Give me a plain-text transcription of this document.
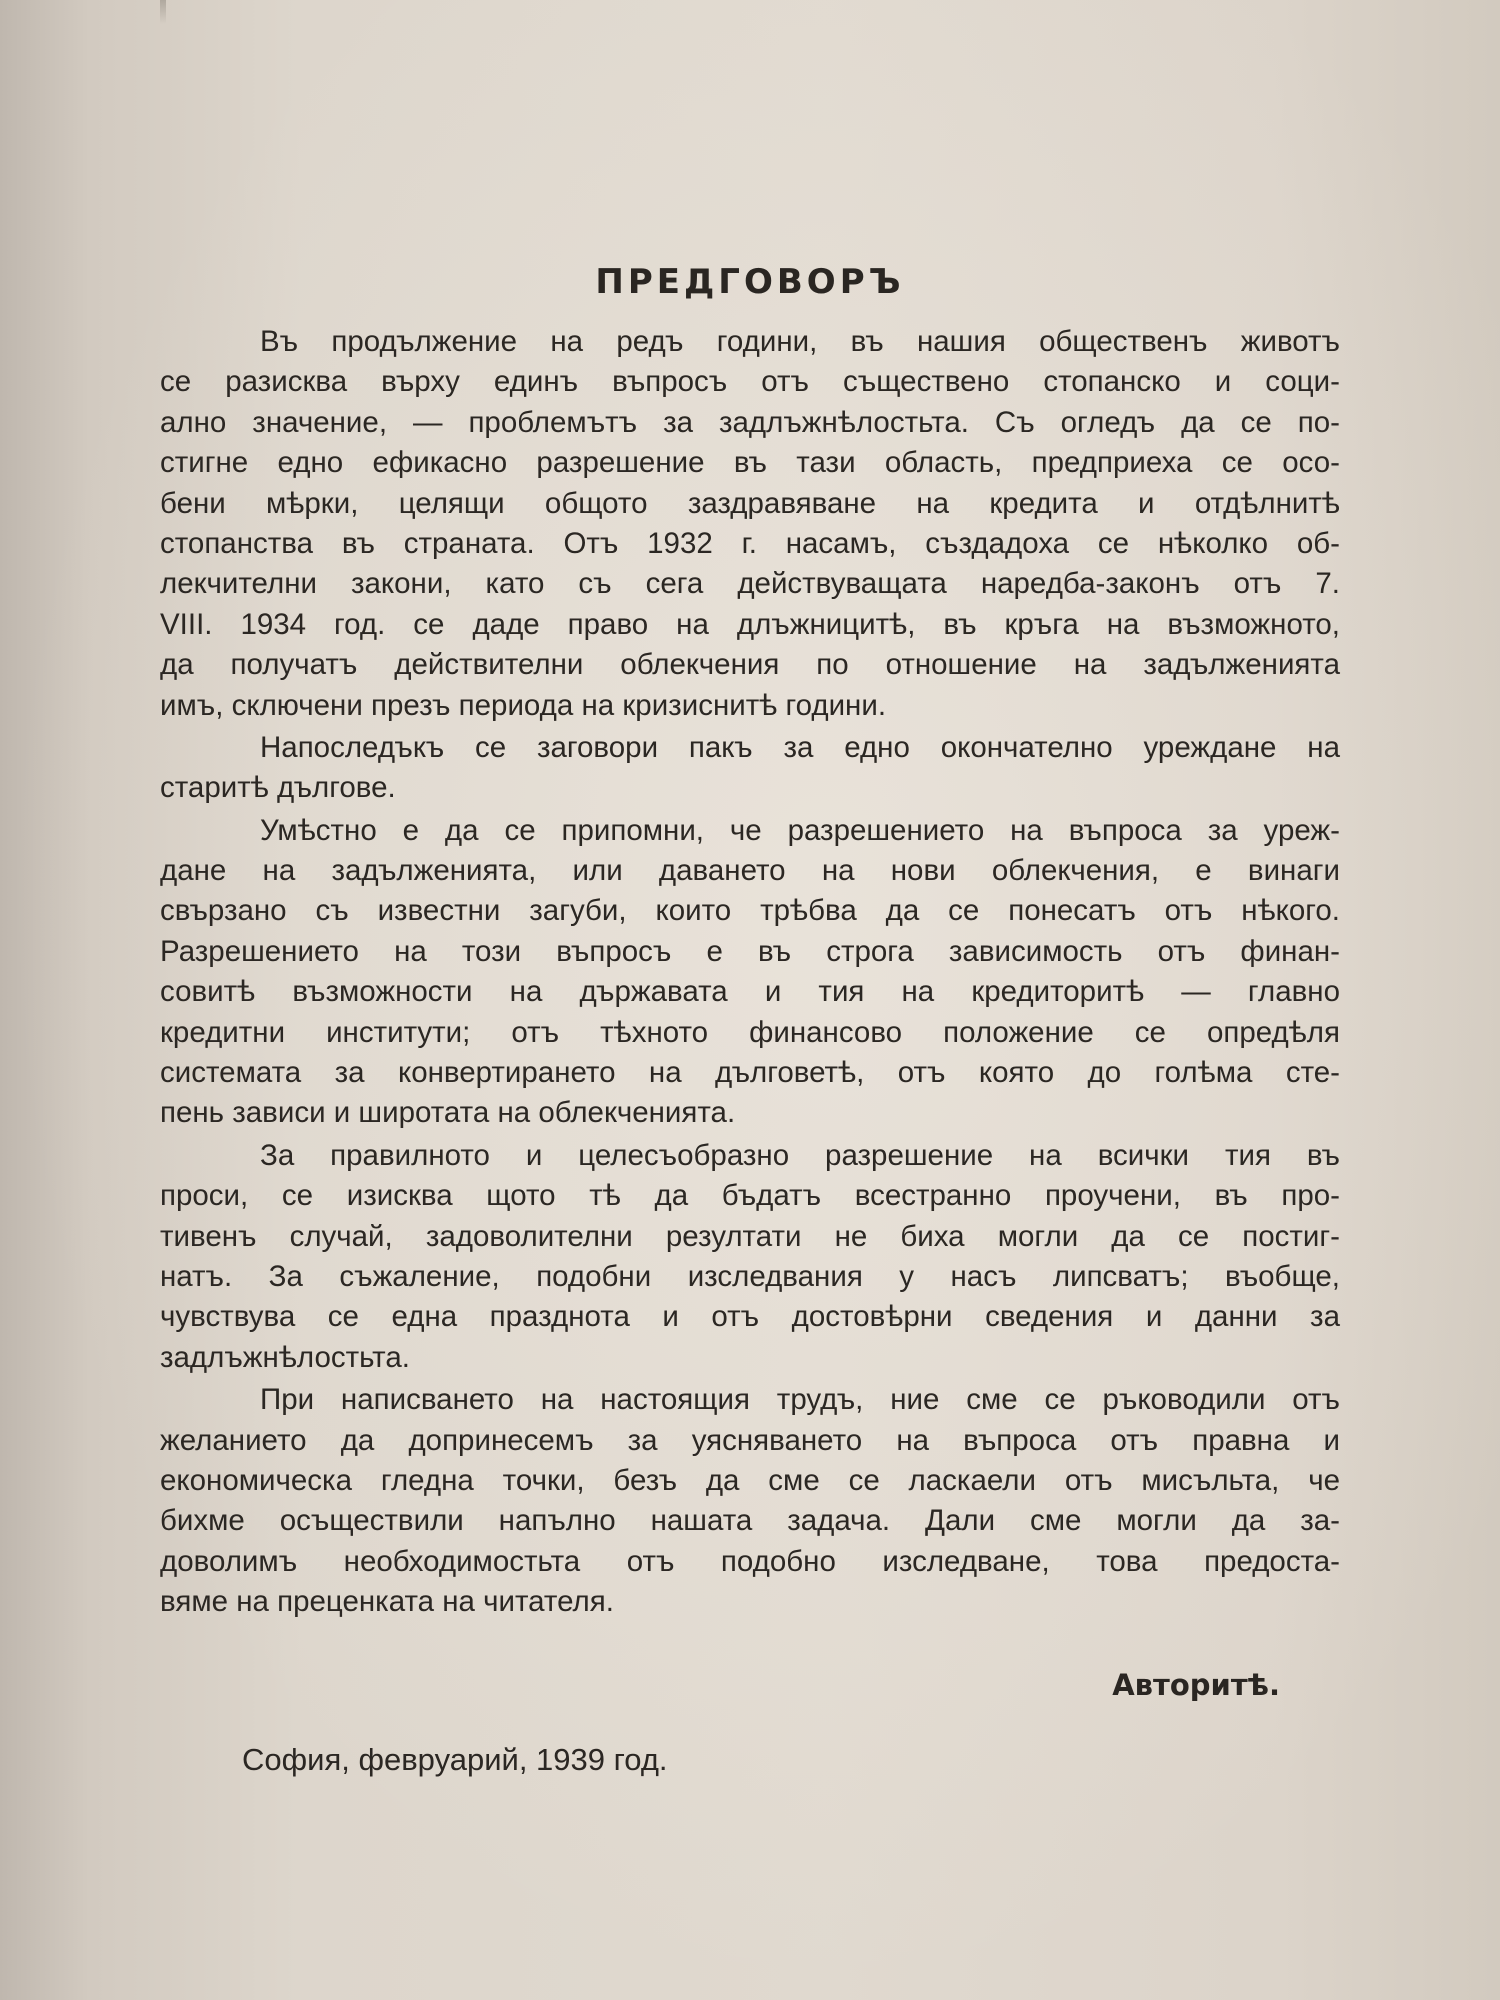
ПРЕДГОВОРЪ
Въ продължение на редъ години, въ нашия общественъ животъ
се разисква върху единъ въпросъ отъ съществено стопанско и соци-
ално значение, — проблемътъ за задлъжнѣлостьта. Съ огледъ да се по-
стигне едно ефикасно разрешение въ тази область, предприеха се осо-
бени мѣрки, целящи общото заздравяване на кредита и отдѣлнитѣ
стопанства въ страната. Отъ 1932 г. насамъ, създадоха се нѣколко об-
лекчителни закони, като съ сега действуващата наредба-законъ отъ 7.
VIII. 1934 год. се даде право на длъжницитѣ, въ кръга на възможното,
да получатъ действителни облекчения по отношение на задълженията
имъ, сключени презъ периода на кризиснитѣ години.
Напоследъкъ се заговори пакъ за едно окончателно уреждане на
старитѣ дългове.
Умѣстно е да се припомни, че разрешението на въпроса за уреж-
дане на задълженията, или даването на нови облекчения, е винаги
свързано съ известни загуби, които трѣбва да се понесатъ отъ нѣкого.
Разрешението на този въпросъ е въ строга зависимость отъ финан-
совитѣ възможности на държавата и тия на кредиторитѣ — главно
кредитни институти; отъ тѣхното финансово положение се опредѣля
системата за конвертирането на дълговетѣ, отъ която до голѣма сте-
пень зависи и широтата на облекченията.
За правилното и целесъобразно разрешение на всички тия въ
проси, се изисква щото тѣ да бъдатъ всестранно проучени, въ про-
тивенъ случай, задоволителни резултати не биха могли да се постиг-
натъ. За съжаление, подобни изследвания у насъ липсватъ; въобще,
чувствува се една празднота и отъ достовѣрни сведения и данни за
задлъжнѣлостьта.
При написването на настоящия трудъ, ние сме се ръководили отъ
желанието да допринесемъ за уясняването на въпроса отъ правна и
економическа гледна точки, безъ да сме се ласкаели отъ мисъльта, че
бихме осъществили напълно нашата задача. Дали сме могли да за-
доволимъ необходимостьта отъ подобно изследване, това предоста-
вяме на преценката на читателя.
Авторитѣ.
София, февруарий, 1939 год.
